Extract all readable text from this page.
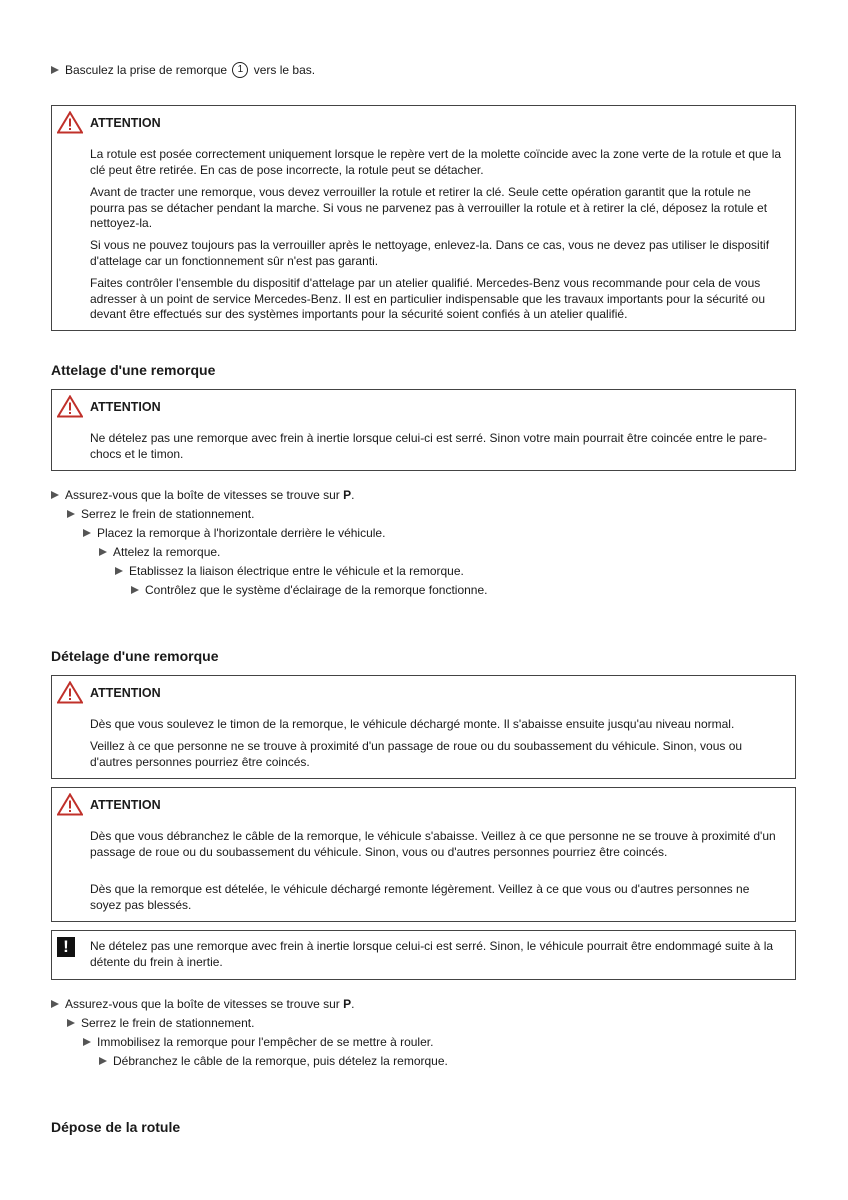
Basculez la prise de remorque 1 vers le bas.
ATTENTION
La rotule est posée correctement uniquement lorsque le repère vert de la molette coïncide avec la zone verte de la rotule et que la clé peut être retirée. En cas de pose incorrecte, la rotule peut se détacher.
Avant de tracter une remorque, vous devez verrouiller la rotule et retirer la clé. Seule cette opération garantit que la rotule ne pourra pas se détacher pendant la marche. Si vous ne parvenez pas à verrouiller la rotule et à retirer la clé, déposez la rotule et nettoyez-la.
Si vous ne pouvez toujours pas la verrouiller après le nettoyage, enlevez-la. Dans ce cas, vous ne devez pas utiliser le dispositif d'attelage car un fonctionnement sûr n'est pas garanti.
Faites contrôler l'ensemble du dispositif d'attelage par un atelier qualifié. Mercedes-Benz vous recommande pour cela de vous adresser à un point de service Mercedes-Benz. Il est en particulier indispensable que les travaux importants pour la sécurité ou devant être effectués sur des systèmes importants pour la sécurité soient confiés à un atelier qualifié.
Attelage d'une remorque
ATTENTION
Ne dételez pas une remorque avec frein à inertie lorsque celui-ci est serré. Sinon votre main pourrait être coincée entre le pare-chocs et le timon.
Assurez-vous que la boîte de vitesses se trouve sur P.
Serrez le frein de stationnement.
Placez la remorque à l'horizontale derrière le véhicule.
Attelez la remorque.
Etablissez la liaison électrique entre le véhicule et la remorque.
Contrôlez que le système d'éclairage de la remorque fonctionne.
Dételage d'une remorque
ATTENTION
Dès que vous soulevez le timon de la remorque, le véhicule déchargé monte. Il s'abaisse ensuite jusqu'au niveau normal.
Veillez à ce que personne ne se trouve à proximité d'un passage de roue ou du soubassement du véhicule. Sinon, vous ou d'autres personnes pourriez être coincés.
ATTENTION
Dès que vous débranchez le câble de la remorque, le véhicule s'abaisse. Veillez à ce que personne ne se trouve à proximité d'un passage de roue ou du soubassement du véhicule. Sinon, vous ou d'autres personnes pourriez être coincés.
Dès que la remorque est dételée, le véhicule déchargé remonte légèrement. Veillez à ce que vous ou d'autres personnes ne soyez pas blessés.
!	Ne dételez pas une remorque avec frein à inertie lorsque celui-ci est serré. Sinon, le véhicule pourrait être endommagé suite à la détente du frein à inertie.
Assurez-vous que la boîte de vitesses se trouve sur P.
Serrez le frein de stationnement.
Immobilisez la remorque pour l'empêcher de se mettre à rouler.
Débranchez le câble de la remorque, puis dételez la remorque.
Dépose de la rotule
